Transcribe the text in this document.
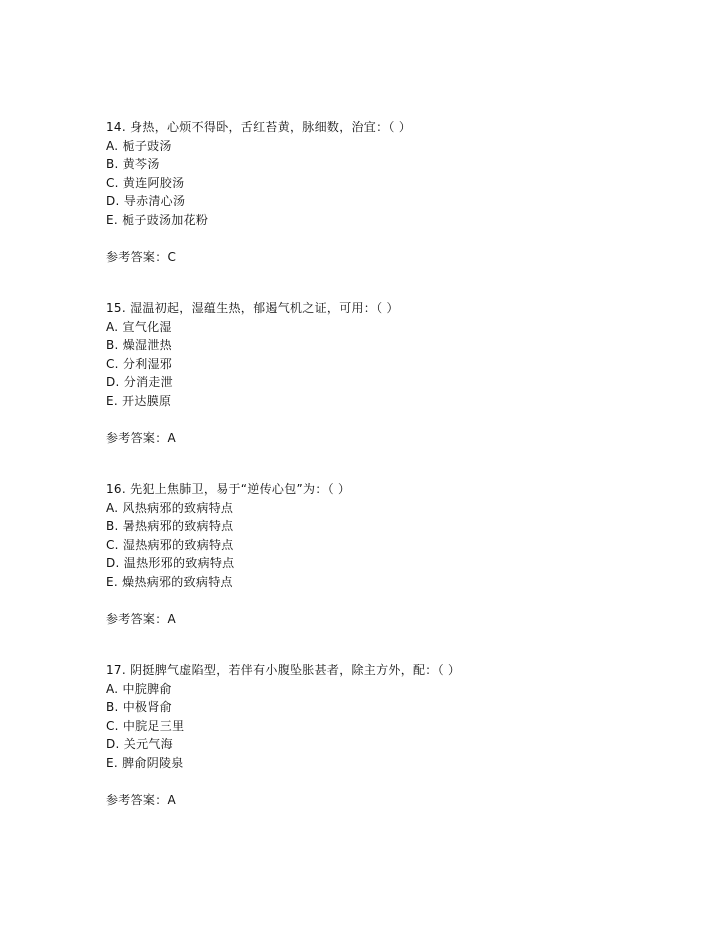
14. 身热，心烦不得卧，舌红苔黄，脉细数，治宜：（ ）
A. 栀子豉汤
B. 黄芩汤
C. 黄连阿胶汤
D. 导赤清心汤
E. 栀子豉汤加花粉
参考答案：C
15. 湿温初起，湿蕴生热，郁遏气机之证，可用：（ ）
A. 宣气化湿
B. 燥湿泄热
C. 分利湿邪
D. 分消走泄
E. 开达膜原
参考答案：A
16. 先犯上焦肺卫，易于“逆传心包”为：（ ）
A. 风热病邪的致病特点
B. 暑热病邪的致病特点
C. 湿热病邪的致病特点
D. 温热形邪的致病特点
E. 燥热病邪的致病特点
参考答案：A
17. 阴挺脾气虚陷型，若伴有小腹坠胀甚者，除主方外，配：（ ）
A. 中脘脾俞
B. 中极肾俞
C. 中脘足三里
D. 关元气海
E. 脾俞阴陵泉
参考答案：A
